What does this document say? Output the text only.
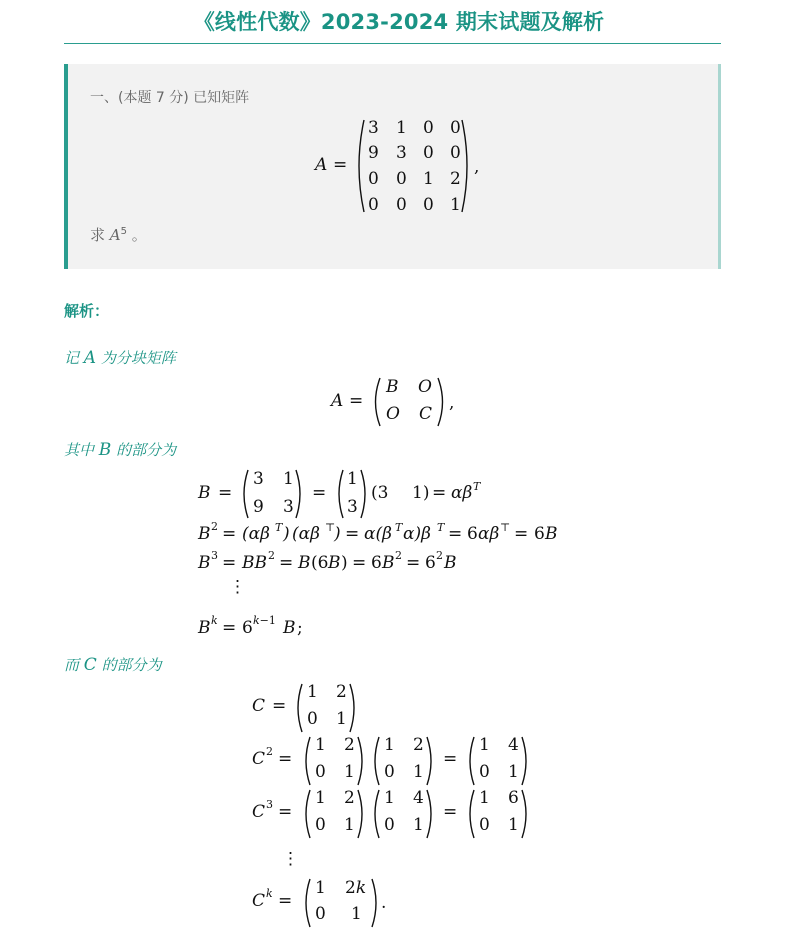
《线性代数》2023-2024 期末试题及解析
一、(本题 7 分) 已知矩阵
求 $A^5$ 。
解析：
记 A 为分块矩阵
其中 B 的部分为
而 C 的部分为
A =
3 1 0 0
9 3 0 0
0 0 1 2
0 0 0 1
,
A =
B O
O C
,
B =
3 1
9 3
=
1
3
(3 1) = αβ T
B 2 = (αβ T ) (αβ ⊤
) = α(β T α)β T = 6 αβ ⊤ = 6 B
B 3 = BB 2 = B (6 B ) = 6 B 2 = 6 2 B
⋮
B k = 6 k−1 B ;
C =
1 2
0 1
C 2 =
1 2
0 1
1 2
0 1
=
1 4
0 1
C 3 =
1 2
0 1
1 4
0 1
=
1 6
0 1
⋮
C k =
1 2k
0 1
.
